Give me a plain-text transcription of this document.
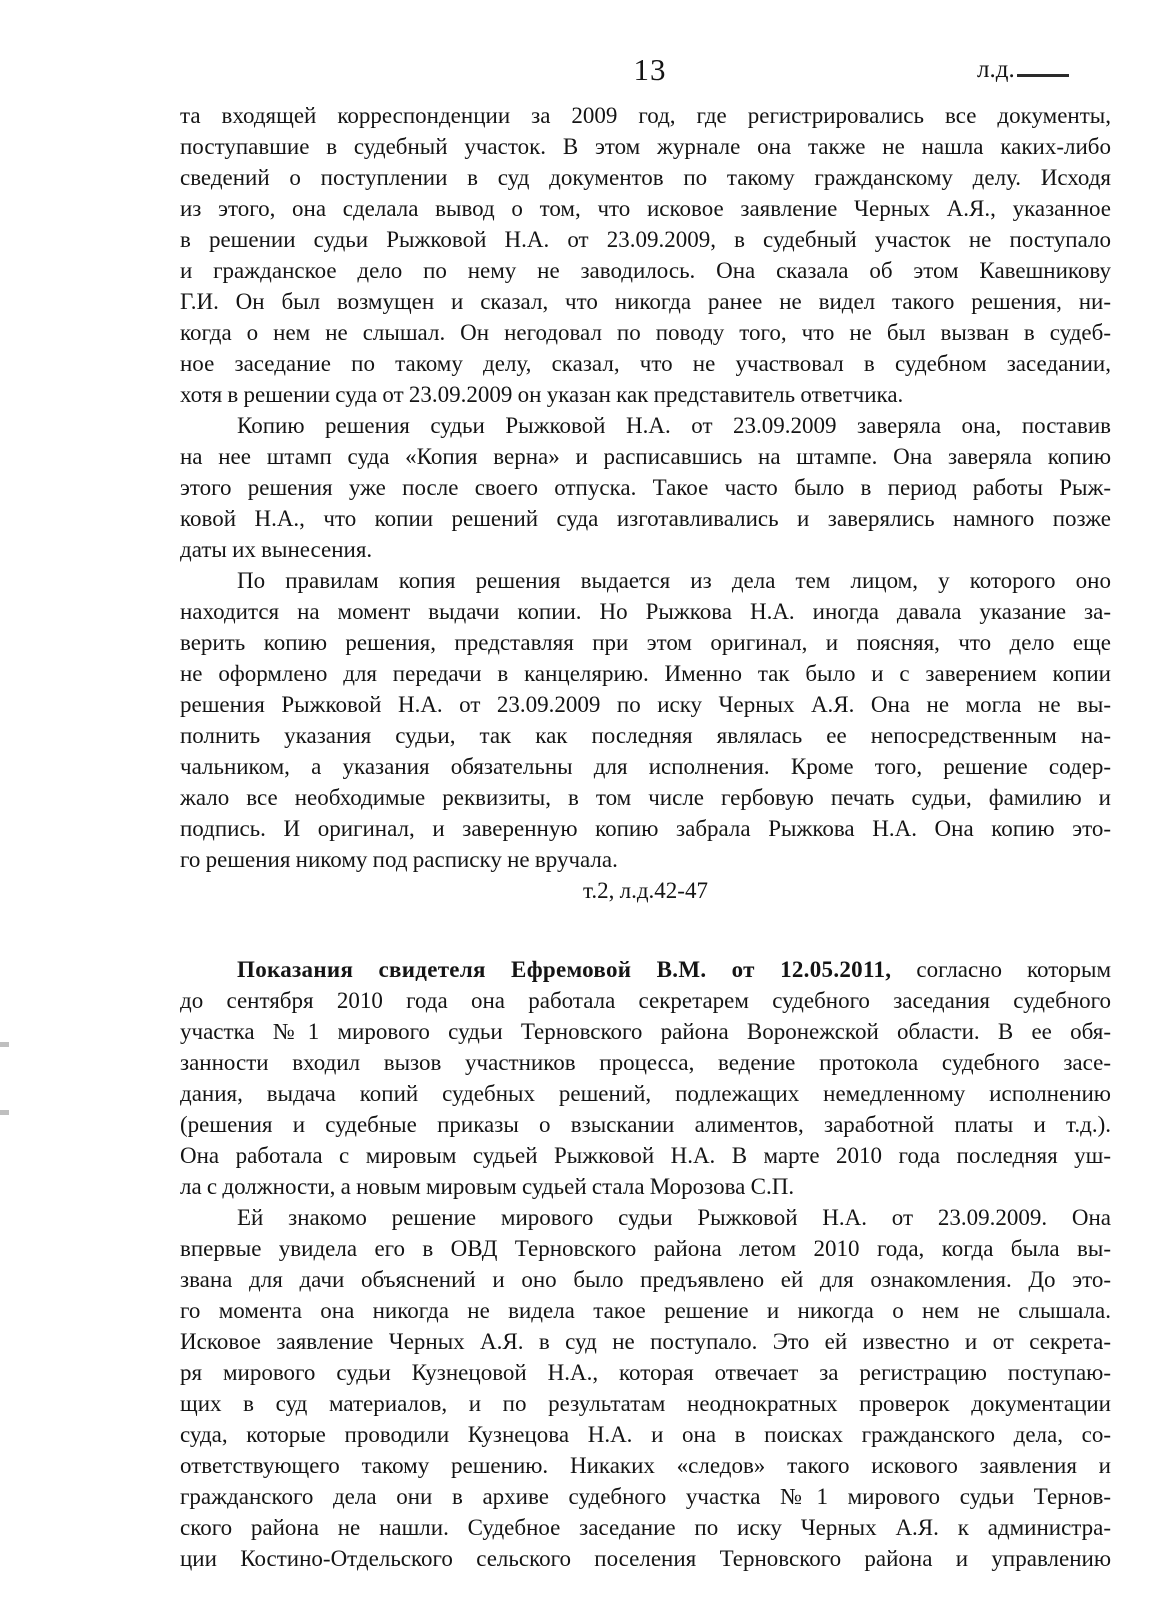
13	л.д.
та входящей корреспонденции за 2009 год, где регистрировались все документы,
поступавшие в судебный участок. В этом журнале она также не нашла каких-либо
сведений о поступлении в суд документов по такому гражданскому делу. Исходя
из этого, она сделала вывод о том, что исковое заявление Черных А.Я., указанное
в решении судьи Рыжковой Н.А. от 23.09.2009, в судебный участок не поступало
и гражданское дело по нему не заводилось. Она сказала об этом Кавешникову
Г.И. Он был возмущен и сказал, что никогда ранее не видел такого решения, ни-
когда о нем не слышал. Он негодовал по поводу того, что не был вызван в судеб-
ное заседание по такому делу, сказал, что не участвовал в судебном заседании,
хотя в решении суда от 23.09.2009 он указан как представитель ответчика.
Копию решения судьи Рыжковой Н.А. от 23.09.2009 заверяла она, поставив
на нее штамп суда «Копия верна» и расписавшись на штампе. Она заверяла копию
этого решения уже после своего отпуска. Такое часто было в период работы Рыж-
ковой Н.А., что копии решений суда изготавливались и заверялись намного позже
даты их вынесения.
По правилам копия решения выдается из дела тем лицом, у которого оно
находится на момент выдачи копии. Но Рыжкова Н.А. иногда давала указание за-
верить копию решения, представляя при этом оригинал, и поясняя, что дело еще
не оформлено для передачи в канцелярию. Именно так было и с заверением копии
решения Рыжковой Н.А. от 23.09.2009 по иску Черных А.Я. Она не могла не вы-
полнить указания судьи, так как последняя являлась ее непосредственным на-
чальником, а указания обязательны для исполнения. Кроме того, решение содер-
жало все необходимые реквизиты, в том числе гербовую печать судьи, фамилию и
подпись. И оригинал, и заверенную копию забрала Рыжкова Н.А. Она копию это-
го решения никому под расписку не вручала.
т.2, л.д.42-47
Показания свидетеля Ефремовой В.М. от 12.05.2011, согласно которым
до сентября 2010 года она работала секретарем судебного заседания судебного
участка №1 мирового судьи Терновского района Воронежской области. В ее обя-
занности входил вызов участников процесса, ведение протокола судебного засе-
дания, выдача копий судебных решений, подлежащих немедленному исполнению
(решения и судебные приказы о взыскании алиментов, заработной платы и т.д.).
Она работала с мировым судьей Рыжковой Н.А. В марте 2010 года последняя уш-
ла с должности, а новым мировым судьей стала Морозова С.П.
Ей знакомо решение мирового судьи Рыжковой Н.А. от 23.09.2009. Она
впервые увидела его в ОВД Терновского района летом 2010 года, когда была вы-
звана для дачи объяснений и оно было предъявлено ей для ознакомления. До это-
го момента она никогда не видела такое решение и никогда о нем не слышала.
Исковое заявление Черных А.Я. в суд не поступало. Это ей известно и от секрета-
ря мирового судьи Кузнецовой Н.А., которая отвечает за регистрацию поступаю-
щих в суд материалов, и по результатам неоднократных проверок документации
суда, которые проводили Кузнецова Н.А. и она в поисках гражданского дела, со-
ответствующего такому решению. Никаких «следов» такого искового заявления и
гражданского дела они в архиве судебного участка №1 мирового судьи Тернов-
ского района не нашли. Судебное заседание по иску Черных А.Я. к администра-
ции Костино-Отдельского сельского поселения Терновского района и управлению
